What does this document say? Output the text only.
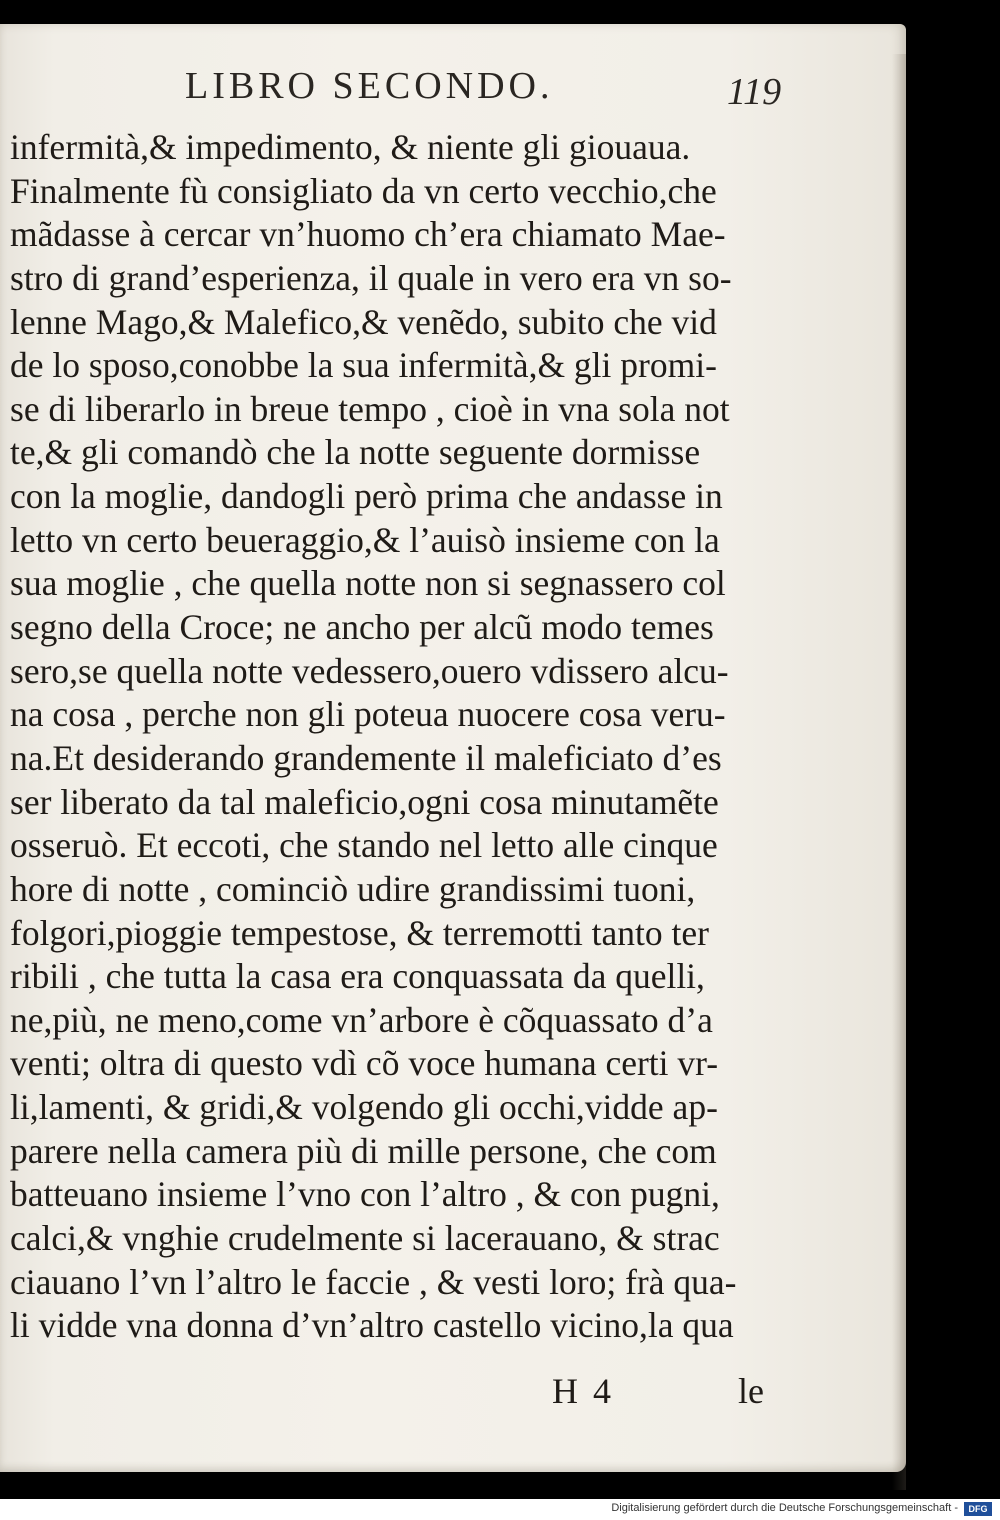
LIBRO SECONDO.	119
infermità,& impedimento, & niente gli giouaua.
Finalmente fù consigliato da vn certo vecchio,che
mãdasse à cercar vn’huomo ch’era chiamato Mae-
stro di grand’esperienza, il quale in vero era vn so-
lenne Mago,& Malefico,& venẽdo, subito che vid
de lo sposo,conobbe la sua infermità,& gli promi-
se di liberarlo in breue tempo , cioè in vna sola not
te,& gli comandò che la notte seguente dormisse
con la moglie, dandogli però prima che andasse in
letto vn certo beueraggio,& l’auisò insieme con la
sua moglie , che quella notte non si segnassero col
segno della Croce; ne ancho per alcũ modo temes
sero,se quella notte vedessero,ouero vdissero alcu-
na cosa , perche non gli poteua nuocere cosa veru-
na.Et desiderando grandemente il maleficiato d’es
ser liberato da tal maleficio,ogni cosa minutamẽte
osseruò. Et eccoti, che stando nel letto alle cinque
hore di notte , cominciò udire grandissimi tuoni,
folgori,pioggie tempestose, & terremotti tanto ter
ribili , che tutta la casa era conquassata da quelli,
ne,più, ne meno,come vn’arbore è cõquassato d’a
venti; oltra di questo vdì cõ voce humana certi vr-
li,lamenti, & gridi,& volgendo gli occhi,vidde ap-
parere nella camera più di mille persone, che com
batteuano insieme l’vno con l’altro , & con pugni,
calci,& vnghie crudelmente si lacerauano, & strac
ciauano l’vn l’altro le faccie , & vesti loro; frà qua-
li vidde vna donna d’vn’altro castello vicino,la qua
H 4	le
Digitalisierung gefördert durch die Deutsche Forschungsgemeinschaft -	DFG
